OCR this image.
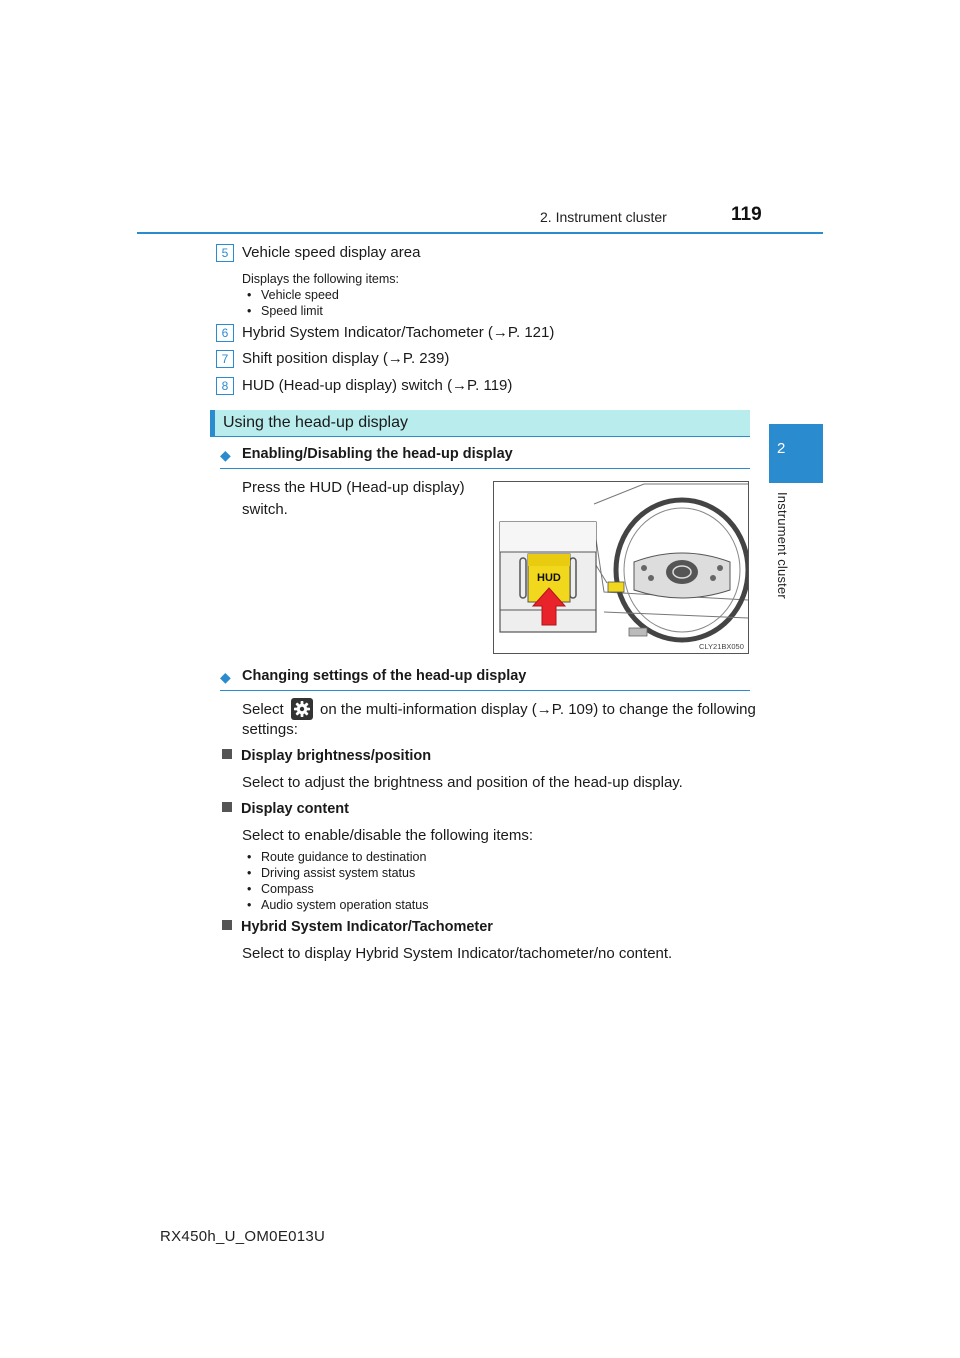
2. Instrument cluster	119
2
Instrument cluster
5 Vehicle speed display area
Displays the following items:
• Vehicle speed
• Speed limit
6 Hybrid System Indicator/Tachometer (→P. 121)
7 Shift position display (→P. 239)
8 HUD (Head-up display) switch (→P. 119)
Using the head-up display
◆ Enabling/Disabling the head-up display
Press the HUD (Head-up display)
switch.
HUD
CLY21BX050
◆ Changing settings of the head-up display
Select on the multi-information display (→P. 109) to change the following
settings:
Display brightness/position
Select to adjust the brightness and position of the head-up display.
Display content
Select to enable/disable the following items:
• Route guidance to destination
• Driving assist system status
• Compass
• Audio system operation status
Hybrid System Indicator/Tachometer
Select to display Hybrid System Indicator/tachometer/no content.
RX450h_U_OM0E013U
